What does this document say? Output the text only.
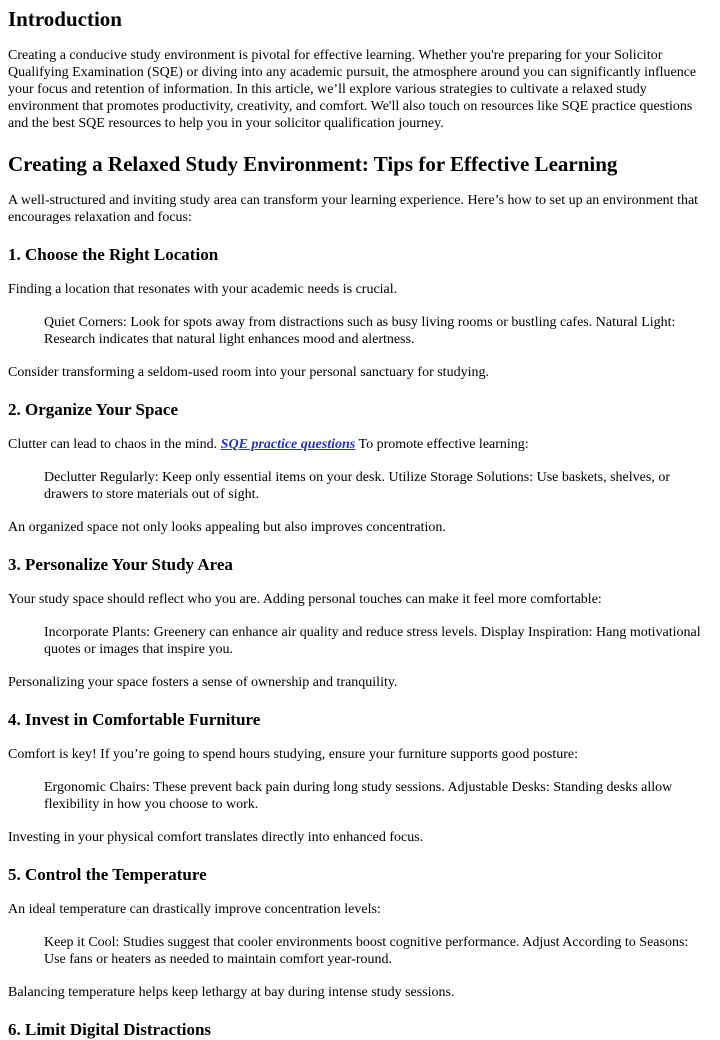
Introduction

Creating a conducive study environment is pivotal for effective learning. Whether you're preparing for your Solicitor Qualifying Examination (SQE) or diving into any academic pursuit, the atmosphere around you can significantly influence your focus and retention of information. In this article, we’ll explore various strategies to cultivate a relaxed study environment that promotes productivity, creativity, and comfort. We'll also touch on resources like SQE practice questions and the best SQE resources to help you in your solicitor qualification journey.

Creating a Relaxed Study Environment: Tips for Effective Learning

A well-structured and inviting study area can transform your learning experience. Here’s how to set up an environment that encourages relaxation and focus:

1. Choose the Right Location

Finding a location that resonates with your academic needs is crucial.

Quiet Corners: Look for spots away from distractions such as busy living rooms or bustling cafes. Natural Light: Research indicates that natural light enhances mood and alertness.

Consider transforming a seldom-used room into your personal sanctuary for studying.

2. Organize Your Space

Clutter can lead to chaos in the mind. SQE practice questions To promote effective learning:

Declutter Regularly: Keep only essential items on your desk. Utilize Storage Solutions: Use baskets, shelves, or drawers to store materials out of sight.

An organized space not only looks appealing but also improves concentration.

3. Personalize Your Study Area

Your study space should reflect who you are. Adding personal touches can make it feel more comfortable:

Incorporate Plants: Greenery can enhance air quality and reduce stress levels. Display Inspiration: Hang motivational quotes or images that inspire you.

Personalizing your space fosters a sense of ownership and tranquility.

4. Invest in Comfortable Furniture

Comfort is key! If you’re going to spend hours studying, ensure your furniture supports good posture:

Ergonomic Chairs: These prevent back pain during long study sessions. Adjustable Desks: Standing desks allow flexibility in how you choose to work.

Investing in your physical comfort translates directly into enhanced focus.

5. Control the Temperature

An ideal temperature can drastically improve concentration levels:

Keep it Cool: Studies suggest that cooler environments boost cognitive performance. Adjust According to Seasons: Use fans or heaters as needed to maintain comfort year-round.

Balancing temperature helps keep lethargy at bay during intense study sessions.

6. Limit Digital Distractions
